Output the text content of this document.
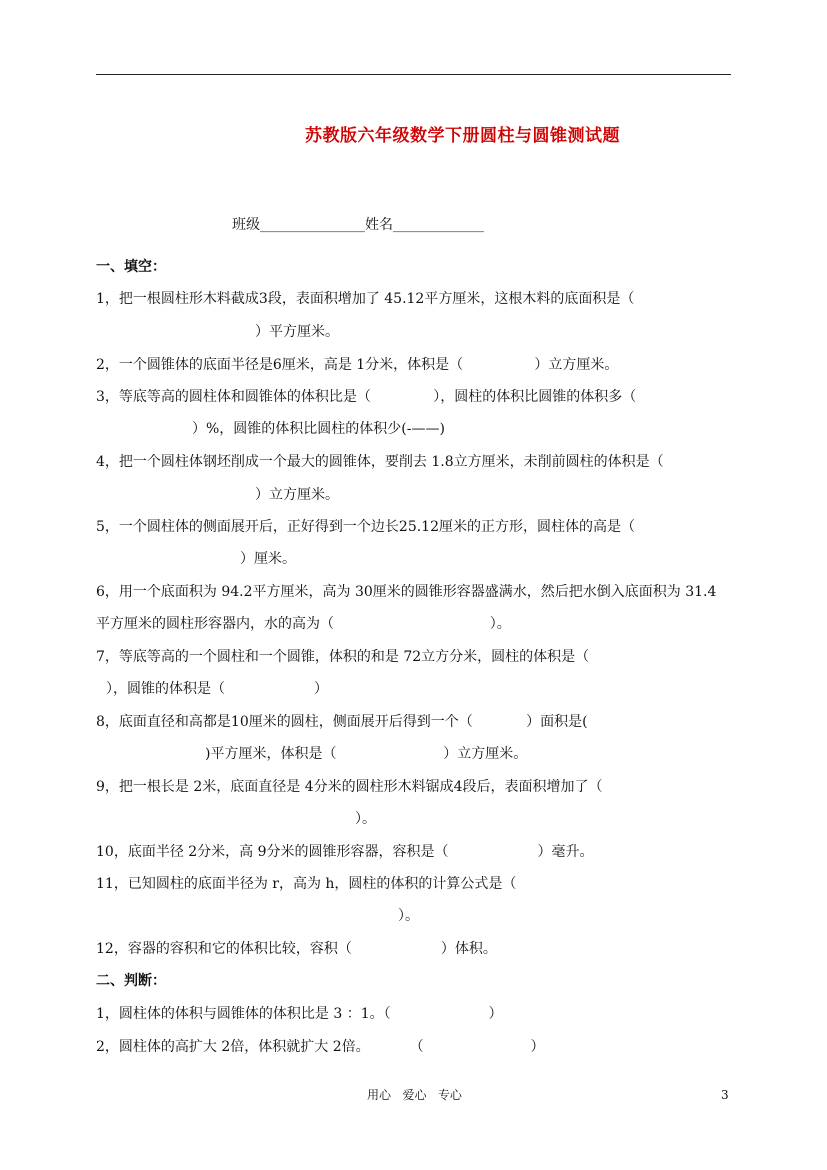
苏教版六年级数学下册圆柱与圆锥测试题
班级_______________姓名_____________
一、填空：
1，把一根圆柱形木料截成3段，表面积增加了 45.12平方厘米，这根木料的底面积是（
）平方厘米。
2，一个圆锥体的底面半径是6厘米，高是 1分米，体积是（                ）立方厘米。
3，等底等高的圆柱体和圆锥体的体积比是（              ），圆柱的体积比圆锥的体积多（
）%，圆锥的体积比圆柱的体积少(-——)
4，把一个圆柱体钢坯削成一个最大的圆锥体，要削去 1.8立方厘米，未削前圆柱的体积是（
）立方厘米。
5，一个圆柱体的侧面展开后，正好得到一个边长25.12厘米的正方形，圆柱体的高是（
）厘米。
6，用一个底面积为 94.2平方厘米，高为 30厘米的圆锥形容器盛满水，然后把水倒入底面积为 31.4
平方厘米的圆柱形容器内，水的高为（                                   ）。
7，等底等高的一个圆柱和一个圆锥，体积的和是 72立方分米，圆柱的体积是（
），圆锥的体积是（                    ）
8，底面直径和高都是10厘米的圆柱，侧面展开后得到一个（            ）面积是(
)平方厘米，体积是（                        ）立方厘米。
9，把一根长是 2米，底面直径是 4分米的圆柱形木料锯成4段后，表面积增加了（
）。
10，底面半径 2分米，高 9分米的圆锥形容器，容积是（                    ）毫升。
11，已知圆柱的底面半径为 r，高为 h，圆柱的体积的计算公式是（
）。
12，容器的容积和它的体积比较，容积（                    ）体积。
二、判断：
1，圆柱体的体积与圆锥体的体积比是 3 ：1。（                      ）
2，圆柱体的高扩大 2倍，体积就扩大 2倍。         （                        ）
用心   爱心   专心	3
